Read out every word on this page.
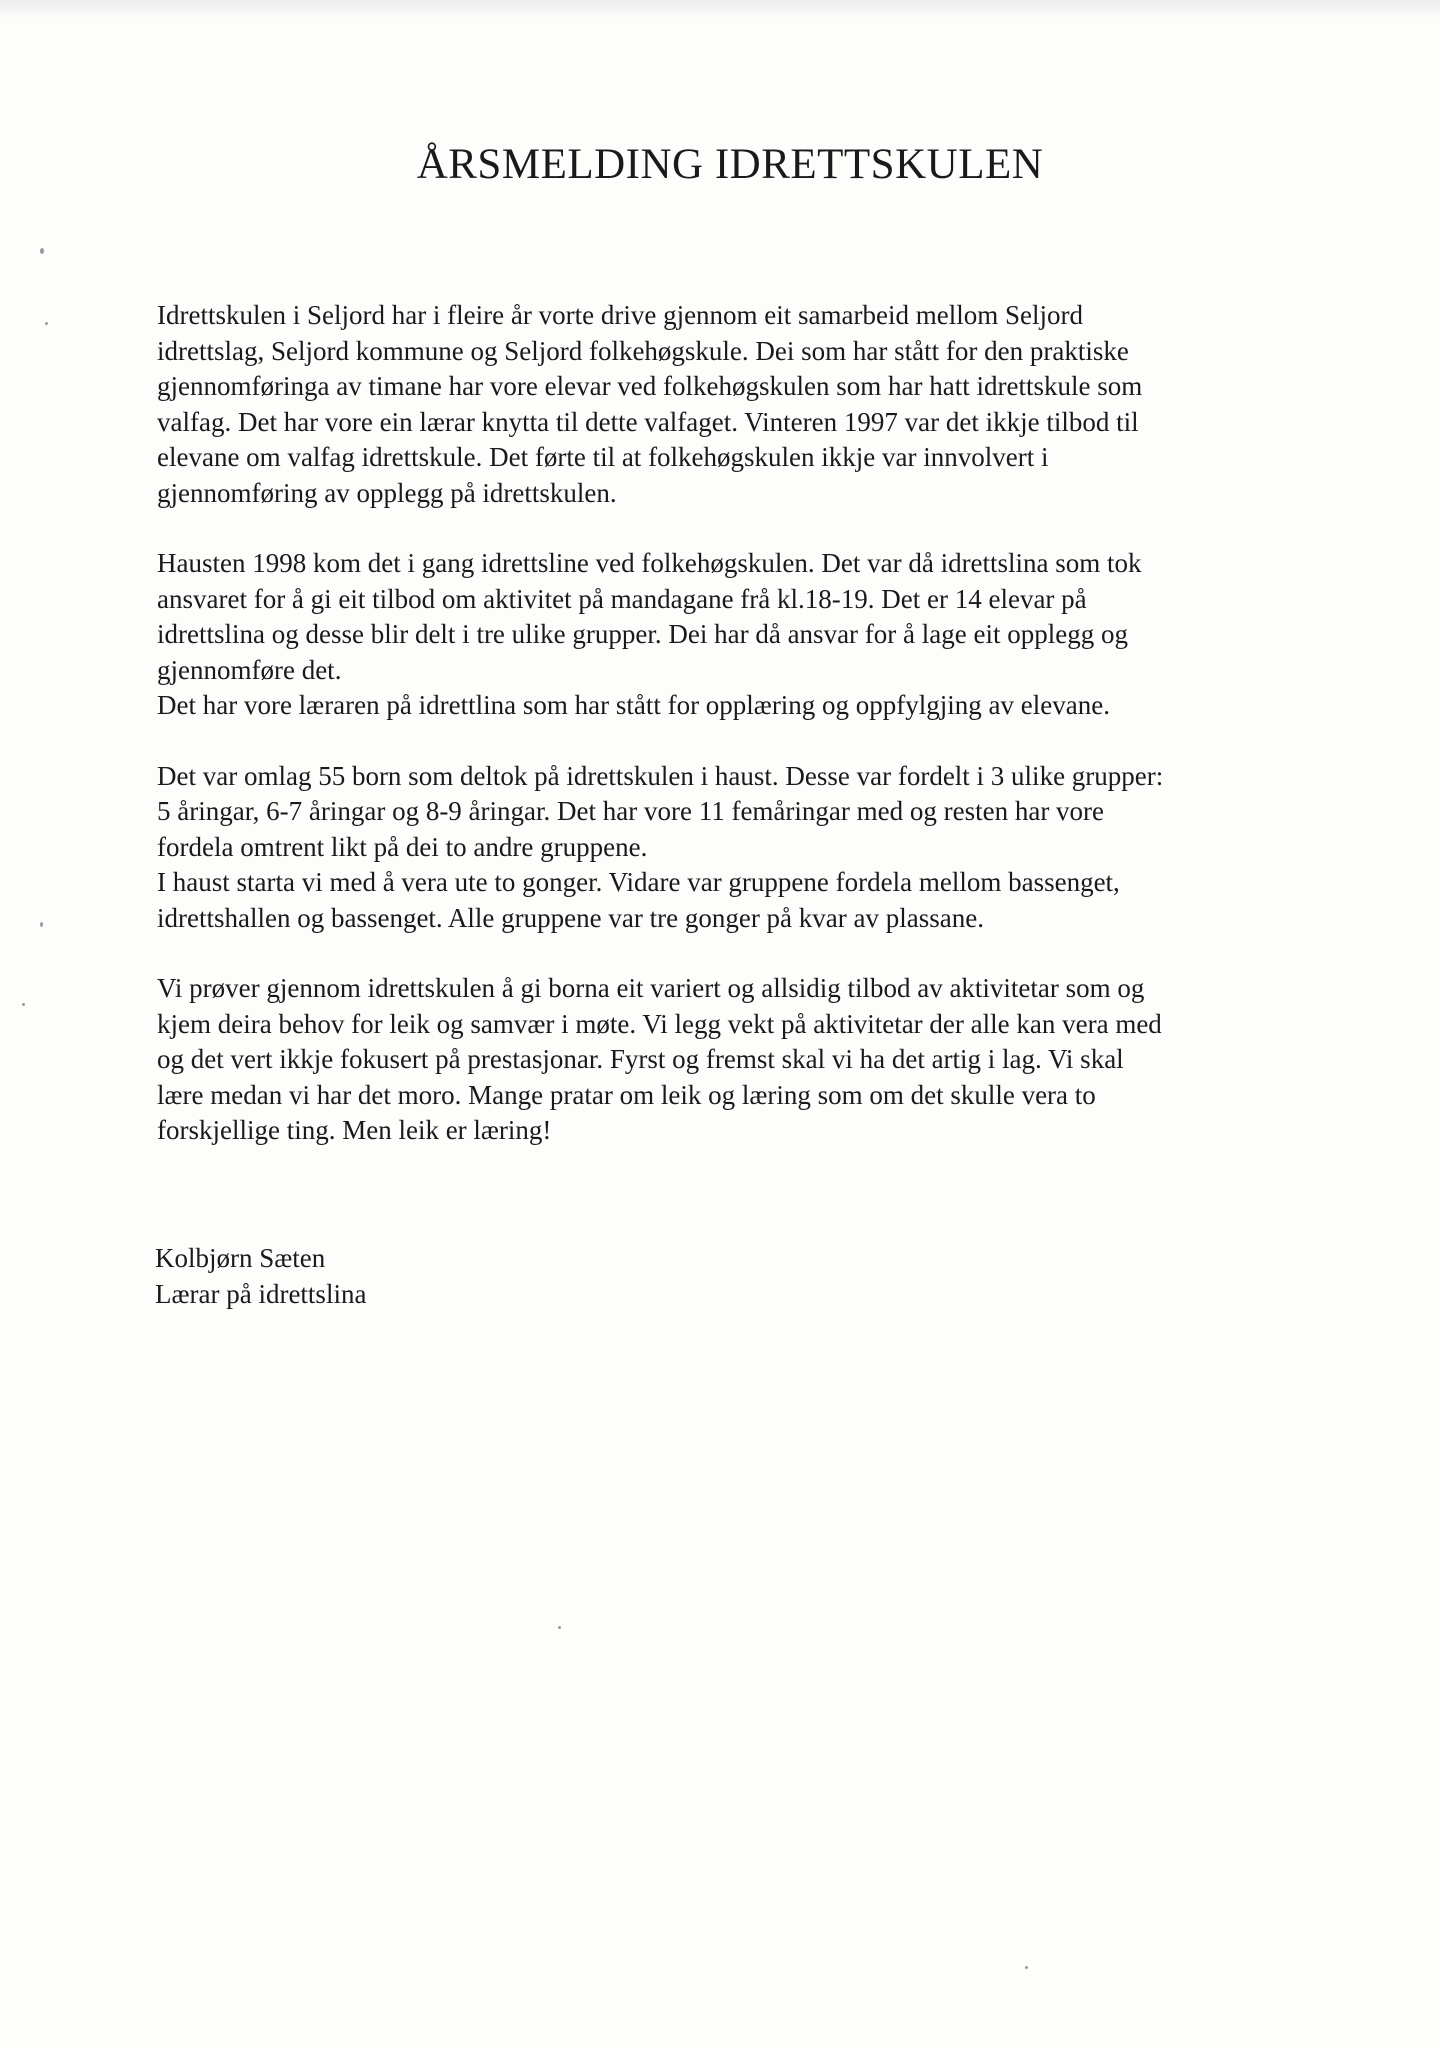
ÅRSMELDING IDRETTSKULEN

Idrettskulen i Seljord har i fleire år vorte drive gjennom eit samarbeid mellom Seljord
idrettslag, Seljord kommune og Seljord folkehøgskule. Dei som har stått for den praktiske
gjennomføringa av timane har vore elevar ved folkehøgskulen som har hatt idrettskule som
valfag. Det har vore ein lærar knytta til dette valfaget. Vinteren 1997 var det ikkje tilbod til
elevane om valfag idrettskule. Det førte til at folkehøgskulen ikkje var innvolvert i
gjennomføring av opplegg på idrettskulen.

Hausten 1998 kom det i gang idrettsline ved folkehøgskulen. Det var då idrettslina som tok
ansvaret for å gi eit tilbod om aktivitet på mandagane frå kl.18-19. Det er 14 elevar på
idrettslina og desse blir delt i tre ulike grupper. Dei har då ansvar for å lage eit opplegg og
gjennomføre det.
Det har vore læraren på idrettlina som har stått for opplæring og oppfylgjing av elevane.

Det var omlag 55 born som deltok på idrettskulen i haust. Desse var fordelt i 3 ulike grupper:
5 åringar, 6-7 åringar og 8-9 åringar. Det har vore 11 femåringar med og resten har vore
fordela omtrent likt på dei to andre gruppene.
I haust starta vi med å vera ute to gonger. Vidare var gruppene fordela mellom bassenget,
idrettshallen og bassenget. Alle gruppene var tre gonger på kvar av plassane.

Vi prøver gjennom idrettskulen å gi borna eit variert og allsidig tilbod av aktivitetar som og
kjem deira behov for leik og samvær i møte. Vi legg vekt på aktivitetar der alle kan vera med
og det vert ikkje fokusert på prestasjonar. Fyrst og fremst skal vi ha det artig i lag. Vi skal
lære medan vi har det moro. Mange pratar om leik og læring som om det skulle vera to
forskjellige ting. Men leik er læring!

Kolbjørn Sæten
Lærar på idrettslina
